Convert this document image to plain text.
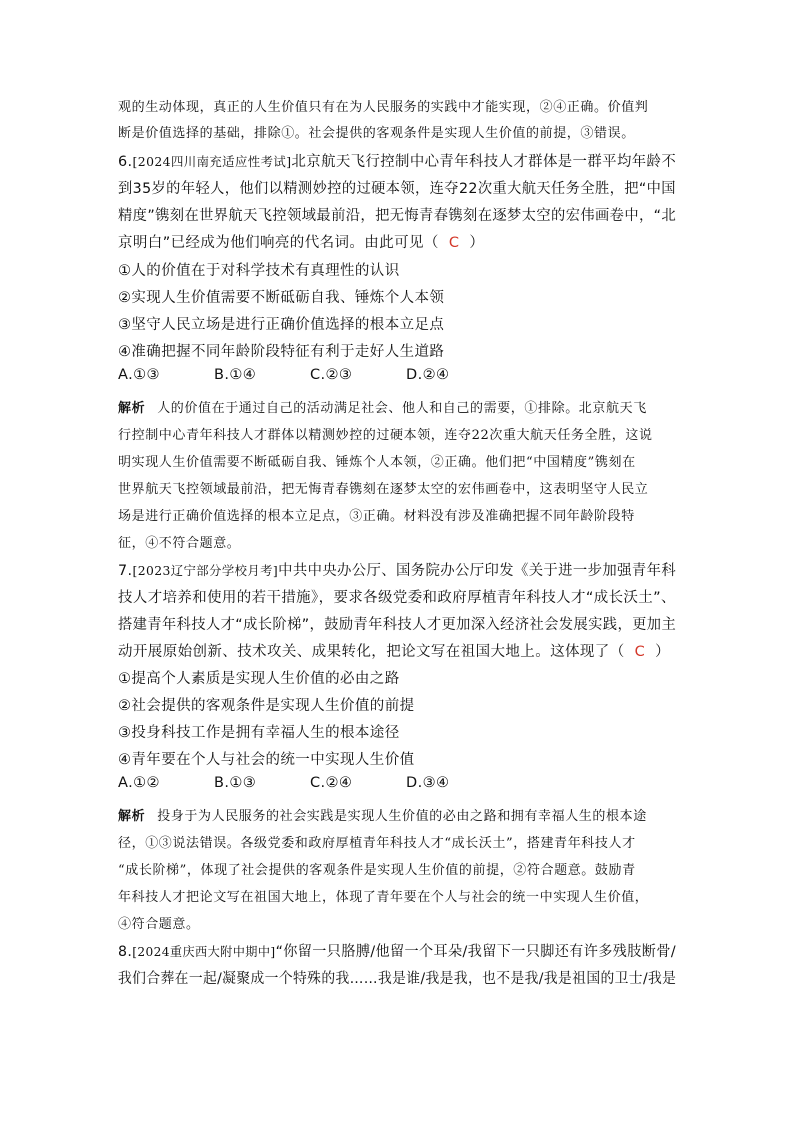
观的生动体现，真正的人生价值只有在为人民服务的实践中才能实现，②④正确。价值判
断是价值选择的基础，排除①。社会提供的客观条件是实现人生价值的前提，③错误。
6.[2024四川南充适应性考试]北京航天飞行控制中心青年科技人才群体是一群平均年龄不
到35岁的年轻人，他们以精测妙控的过硬本领，连夺22次重大航天任务全胜，把“中国
精度”镌刻在世界航天飞控领域最前沿，把无悔青春镌刻在逐梦太空的宏伟画卷中，“北
京明白”已经成为他们响亮的代名词。由此可见（ C ）
①人的价值在于对科学技术有真理性的认识
②实现人生价值需要不断砥砺自我、锤炼个人本领
③坚守人民立场是进行正确价值选择的根本立足点
④准确把握不同年龄阶段特征有利于走好人生道路
A.①③	B.①④	C.②③	D.②④
解析 人的价值在于通过自己的活动满足社会、他人和自己的需要，①排除。北京航天飞
行控制中心青年科技人才群体以精测妙控的过硬本领，连夺22次重大航天任务全胜，这说
明实现人生价值需要不断砥砺自我、锤炼个人本领，②正确。他们把“中国精度”镌刻在
世界航天飞控领域最前沿，把无悔青春镌刻在逐梦太空的宏伟画卷中，这表明坚守人民立
场是进行正确价值选择的根本立足点，③正确。材料没有涉及准确把握不同年龄阶段特
征，④不符合题意。
7.[2023辽宁部分学校月考]中共中央办公厅、国务院办公厅印发《关于进一步加强青年科
技人才培养和使用的若干措施》，要求各级党委和政府厚植青年科技人才“成长沃土”、
搭建青年科技人才“成长阶梯”，鼓励青年科技人才更加深入经济社会发展实践，更加主
动开展原始创新、技术攻关、成果转化，把论文写在祖国大地上。这体现了（ C ）
①提高个人素质是实现人生价值的必由之路
②社会提供的客观条件是实现人生价值的前提
③投身科技工作是拥有幸福人生的根本途径
④青年要在个人与社会的统一中实现人生价值
A.①②	B.①③	C.②④	D.③④
解析 投身于为人民服务的社会实践是实现人生价值的必由之路和拥有幸福人生的根本途
径，①③说法错误。各级党委和政府厚植青年科技人才“成长沃土”，搭建青年科技人才
“成长阶梯”，体现了社会提供的客观条件是实现人生价值的前提，②符合题意。鼓励青
年科技人才把论文写在祖国大地上，体现了青年要在个人与社会的统一中实现人生价值，
④符合题意。
8.[2024重庆西大附中期中]“你留一只胳膊/他留一个耳朵/我留下一只脚还有许多残肢断骨/
我们合葬在一起/凝聚成一个特殊的我……我是谁/我是我，也不是我/我是祖国的卫士/我是
